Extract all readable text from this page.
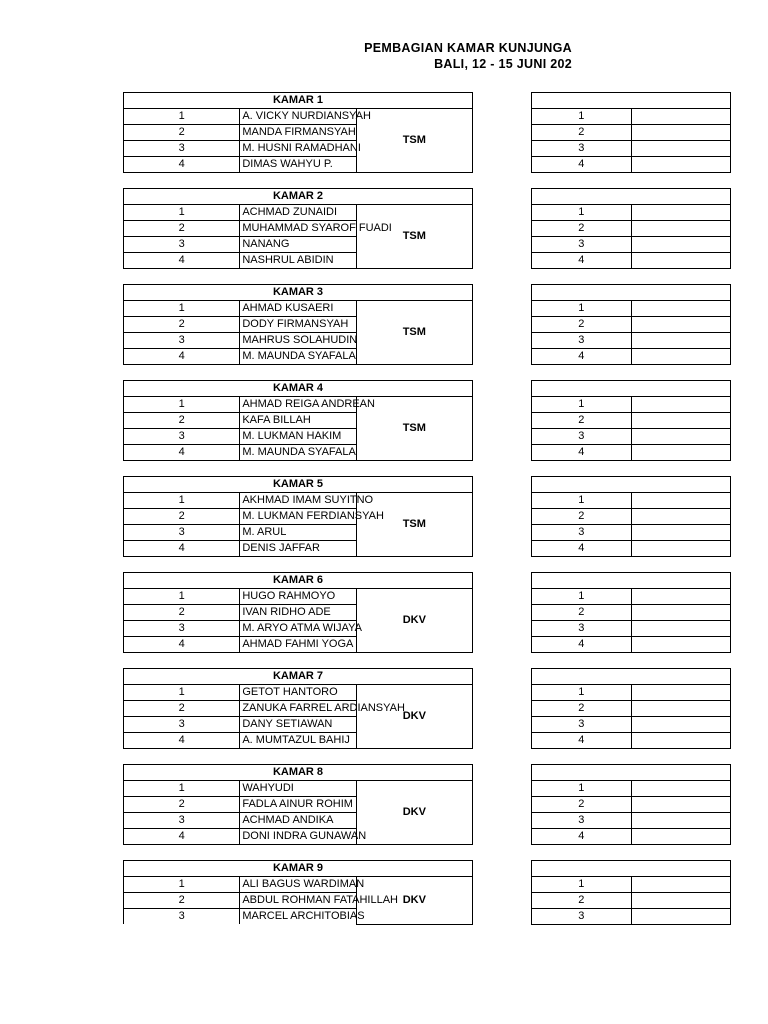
PEMBAGIAN KAMAR KUNJUNGA
BALI, 12 - 15 JUNI 202
KAMAR 1		
1	A. VICKY NURDIANSYAH	TSM
2	MANDA FIRMANSYAH	
3	M. HUSNI RAMADHANI	
4	DIMAS WAHYU P.	

1	
2	
3	
4	
KAMAR 2		
1	ACHMAD ZUNAIDI	TSM
2	MUHAMMAD SYAROF FUADI	
3	NANANG	
4	NASHRUL ABIDIN	

1	
2	
3	
4	
KAMAR 3		
1	AHMAD KUSAERI	TSM
2	DODY FIRMANSYAH	
3	MAHRUS SOLAHUDIN	
4	M. MAUNDA SYAFALA	

1	
2	
3	
4	
KAMAR 4		
1	AHMAD REIGA ANDREAN	TSM
2	KAFA BILLAH	
3	M. LUKMAN HAKIM	
4	M. MAUNDA SYAFALA	

1	
2	
3	
4	
KAMAR 5		
1	AKHMAD IMAM SUYITNO	TSM
2	M. LUKMAN FERDIANSYAH	
3	M. ARUL	
4	DENIS JAFFAR	

1	
2	
3	
4	
KAMAR 6		
1	HUGO RAHMOYO	DKV
2	IVAN RIDHO ADE	
3	M. ARYO ATMA WIJAYA	
4	AHMAD FAHMI YOGA	

1	
2	
3	
4	
KAMAR 7		
1	GETOT HANTORO	DKV
2	ZANUKA FARREL ARDIANSYAH	
3	DANY SETIAWAN	
4	A. MUMTAZUL BAHIJ	

1	
2	
3	
4	
KAMAR 8		
1	WAHYUDI	DKV
2	FADLA AINUR ROHIM	
3	ACHMAD ANDIKA	
4	DONI INDRA GUNAWAN	

1	
2	
3	
4	
KAMAR 9		
1	ALI BAGUS WARDIMAN	DKV
2	ABDUL ROHMAN FATAHILLAH	
3	MARCEL ARCHITOBIAS	

1	
2	
3	
